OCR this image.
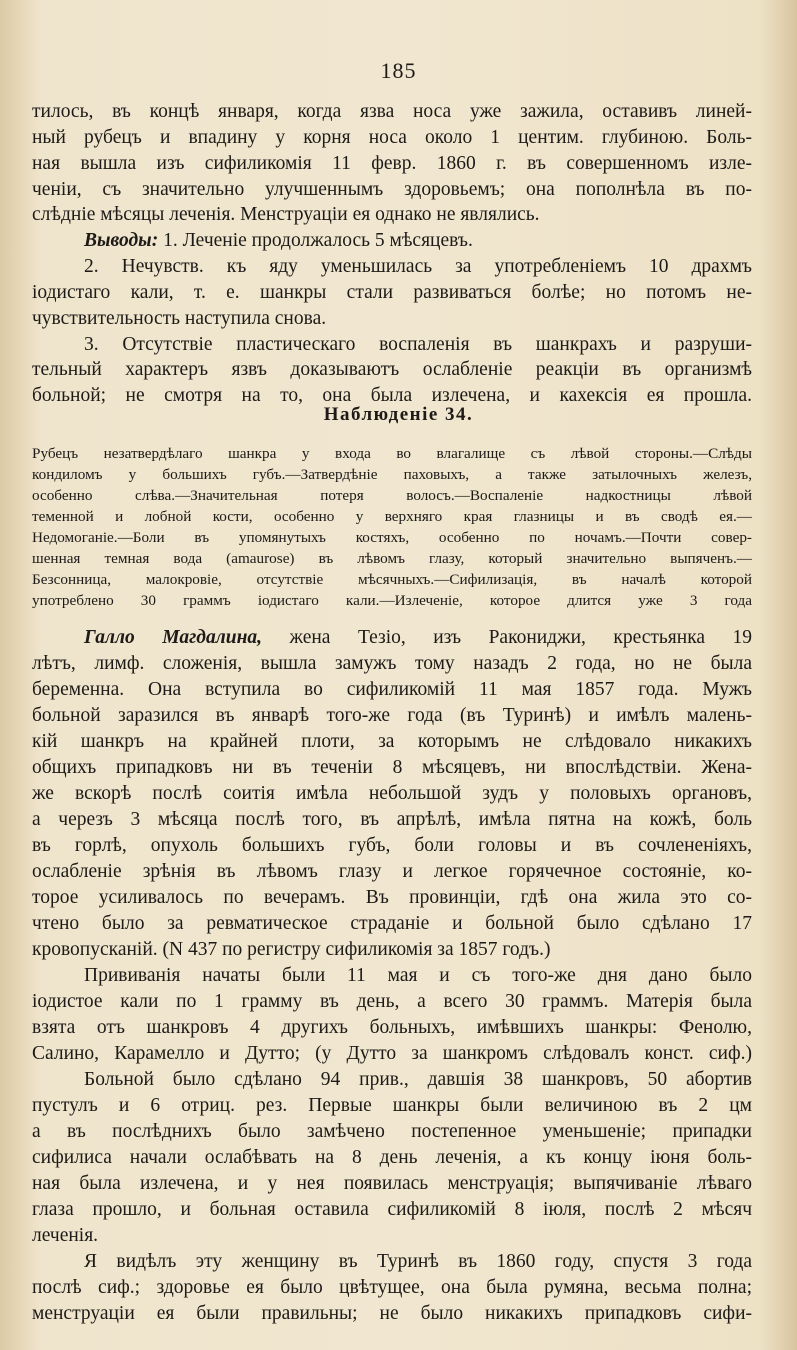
185
тилось, въ концѣ января, когда язва носа уже зажила, оставивъ линей-
ный рубецъ и впадину у корня носа около 1 центим. глубиною. Боль-
ная вышла изъ сифиликомія 11 февр. 1860 г. въ совершенномъ изле-
ченіи, съ значительно улучшеннымъ здоровьемъ; она пополнѣла въ по-
слѣдніе мѣсяцы леченія. Менструаціи ея однако не являлись.
Выводы: 1. Леченіе продолжалось 5 мѣсяцевъ.
2. Нечувств. къ яду уменьшилась за употребленіемъ 10 драхмъ
іодистаго кали, т. е. шанкры стали развиваться болѣе; но потомъ не-
чувствительность наступила снова.
3. Отсутствіе пластическаго воспаленія въ шанкрахъ и разруши-
тельный характеръ язвъ доказываютъ ослабленіе реакціи въ организмѣ
больной; не смотря на то, она была излечена, и кахексія ея прошла.
Наблюденіе 34.
Рубецъ незатвердѣлаго шанкра у входа во влагалище съ лѣвой стороны.—Слѣды
кондиломъ у большихъ губъ.—Затвердѣніе паховыхъ, а также затылочныхъ железъ,
особенно слѣва.—Значительная потеря волосъ.—Воспаленіе надкостницы лѣвой
теменной и лобной кости, особенно у верхняго края глазницы и въ сводѣ ея.—
Недомоганіе.—Боли въ упомянутыхъ костяхъ, особенно по ночамъ.—Почти совер-
шенная темная вода (amaurose) въ лѣвомъ глазу, который значительно выпяченъ.—
Безсонница, малокровіе, отсутствіе мѣсячныхъ.—Сифилизація, въ началѣ которой
употреблено 30 граммъ іодистаго кали.—Излеченіе, которое длится уже 3 года
Галло Магдалина, жена Тезіо, изъ Ракониджи, крестьянка 19
лѣтъ, лимф. сложенія, вышла замужъ тому назадъ 2 года, но не была
беременна. Она вступила во сифиликомій 11 мая 1857 года. Мужъ
больной заразился въ январѣ того-же года (въ Туринѣ) и имѣлъ малень-
кій шанкръ на крайней плоти, за которымъ не слѣдовало никакихъ
общихъ припадковъ ни въ теченіи 8 мѣсяцевъ, ни впослѣдствіи. Жена-
же вскорѣ послѣ соитія имѣла небольшой зудъ у половыхъ органовъ,
а черезъ 3 мѣсяца послѣ того, въ апрѣлѣ, имѣла пятна на кожѣ, боль
въ горлѣ, опухоль большихъ губъ, боли головы и въ сочлененіяхъ,
ослабленіе зрѣнія въ лѣвомъ глазу и легкое горячечное состояніе, ко-
торое усиливалось по вечерамъ. Въ провинціи, гдѣ она жила это со-
чтено было за ревматическое страданіе и больной было сдѣлано 17
кровопусканій. (N 437 по регистру сифиликомія за 1857 годъ.)
Прививанія начаты были 11 мая и съ того-же дня дано было
іодистое кали по 1 грамму въ день, а всего 30 граммъ. Матерія была
взята отъ шанкровъ 4 другихъ больныхъ, имѣвшихъ шанкры: Фенолю,
Салино, Карамелло и Дутто; (у Дутто за шанкромъ слѣдовалъ конст. сиф.)
Больной было сдѣлано 94 прив., давшія 38 шанкровъ, 50 абортив
пустулъ и 6 отриц. рез. Первые шанкры были величиною въ 2 цм
а въ послѣднихъ было замѣчено постепенное уменьшеніе; припадки
сифилиса начали ослабѣвать на 8 день леченія, а къ концу іюня боль-
ная была излечена, и у нея появилась менструація; выпячиваніе лѣваго
глаза прошло, и больная оставила сифиликомій 8 іюля, послѣ 2 мѣсяч
леченія.
Я видѣлъ эту женщину въ Туринѣ въ 1860 году, спустя 3 года
послѣ сиф.; здоровье ея было цвѣтущее, она была румяна, весьма полна;
менструаціи ея были правильны; не было никакихъ припадковъ сифи-
